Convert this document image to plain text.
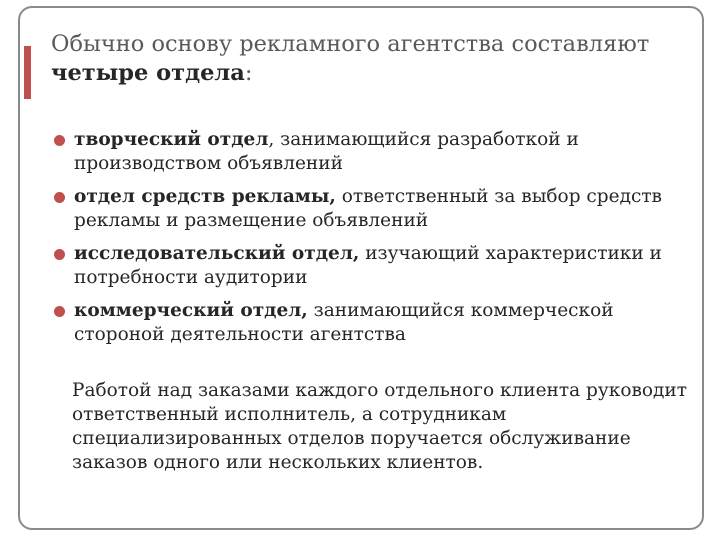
Обычно основу рекламного агентства составляют
четыре отдела:
творческий отдел, занимающийся разработкой и производством объявлений
отдел средств рекламы, ответственный за выбор средств рекламы и размещение объявлений
исследовательский отдел, изучающий характеристики и потребности аудитории
коммерческий отдел, занимающийся коммерческой стороной деятельности агентства

Работой над заказами каждого отдельного клиента руководит ответственный исполнитель, а сотрудникам специализированных отделов поручается обслуживание заказов одного или нескольких клиентов.
